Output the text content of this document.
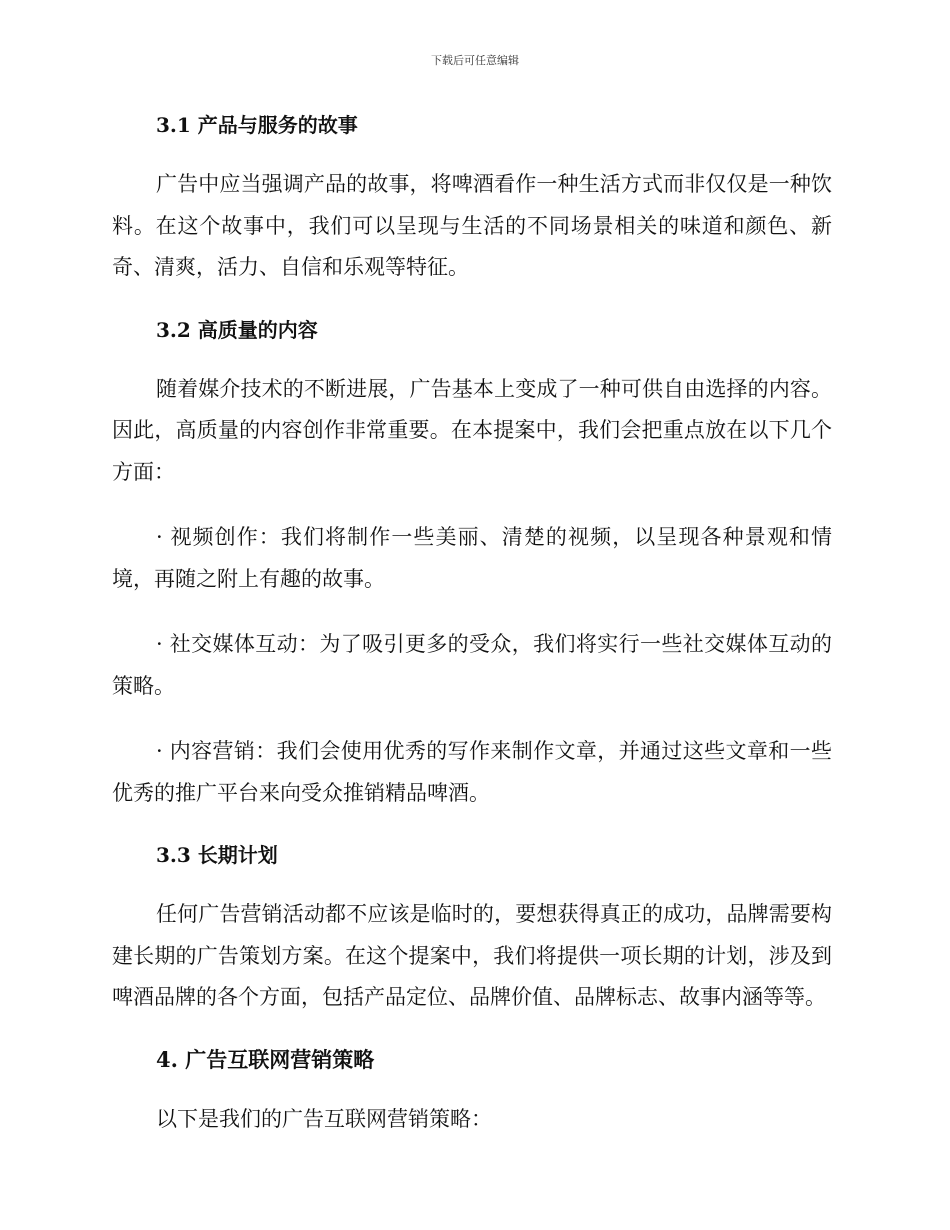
下载后可任意编辑
3.1 产品与服务的故事

广告中应当强调产品的故事，将啤酒看作一种生活方式而非仅仅是一种饮料。在这个故事中，我们可以呈现与生活的不同场景相关的味道和颜色、新奇、清爽，活力、自信和乐观等特征。

3.2 高质量的内容

随着媒介技术的不断进展，广告基本上变成了一种可供自由选择的内容。因此，高质量的内容创作非常重要。在本提案中，我们会把重点放在以下几个方面：

· 视频创作：我们将制作一些美丽、清楚的视频，以呈现各种景观和情境，再随之附上有趣的故事。

· 社交媒体互动：为了吸引更多的受众，我们将实行一些社交媒体互动的策略。

· 内容营销：我们会使用优秀的写作来制作文章，并通过这些文章和一些优秀的推广平台来向受众推销精品啤酒。

3.3 长期计划

任何广告营销活动都不应该是临时的，要想获得真正的成功，品牌需要构建长期的广告策划方案。在这个提案中，我们将提供一项长期的计划，涉及到啤酒品牌的各个方面，包括产品定位、品牌价值、品牌标志、故事内涵等等。

4. 广告互联网营销策略

以下是我们的广告互联网营销策略：
